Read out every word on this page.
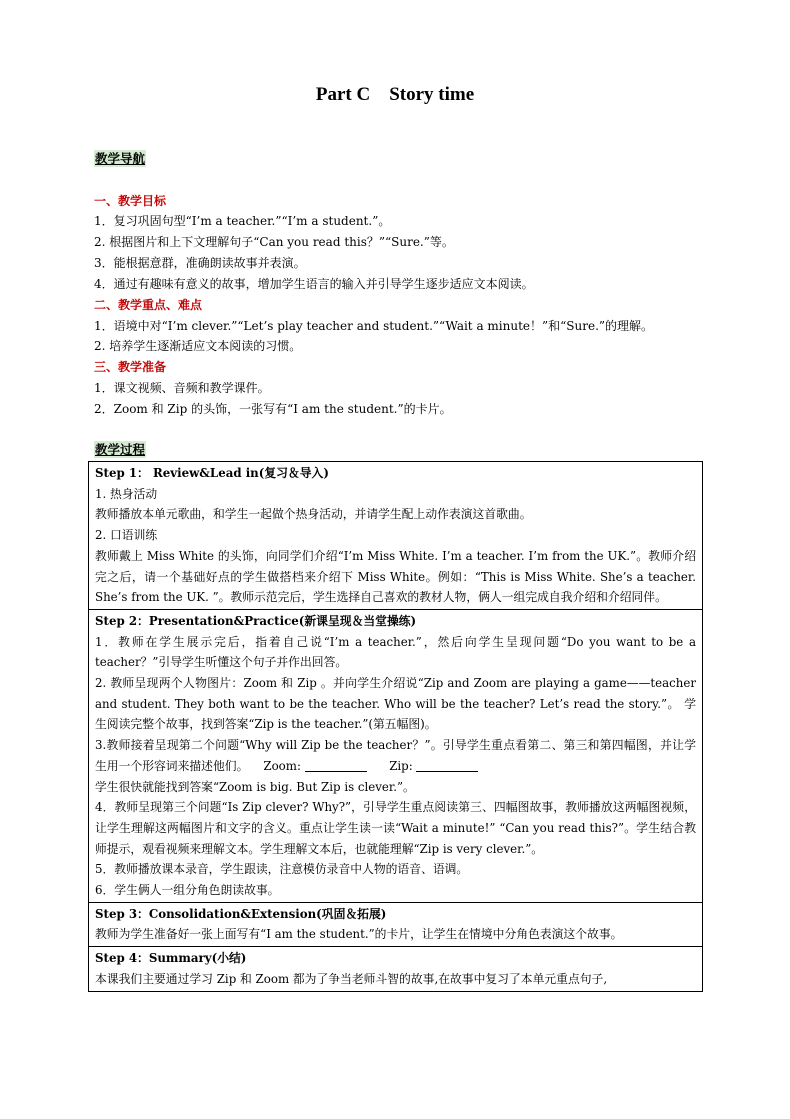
Part C    Story time
教学导航
一、教学目标
1．复习巩固句型“I’m a teacher.”“I’m a student.”。
2. 根据图片和上下文理解句子“Can you read this？”“Sure.”等。
3．能根据意群，准确朗读故事并表演。
4．通过有趣味有意义的故事，增加学生语言的输入并引导学生逐步适应文本阅读。
二、教学重点、难点
1．语境中对“I’m clever.”“Let’s play teacher and student.”“Wait a minute！”和“Sure.”的理解。
2. 培养学生逐渐适应文本阅读的习惯。
三、教学准备
1．课文视频、音频和教学课件。
2．Zoom 和 Zip 的头饰，一张写有“I am the student.”的卡片。
教学过程
Step 1： Review&Lead in(复习＆导入)

1. 热身活动

教师播放本单元歌曲，和学生一起做个热身活动，并请学生配上动作表演这首歌曲。

2. 口语训练

教师戴上 Miss White 的头饰，向同学们介绍“I’m Miss White. I’m a teacher. I’m from the UK.”。教师介绍完之后，请一个基础好点的学生做搭档来介绍下 Miss White。例如：“This is Miss White. She’s a teacher. She’s from the UK. ”。教师示范完后，学生选择自己喜欢的教材人物，俩人一组完成自我介绍和介绍同伴。

Step 2：Presentation&Practice(新课呈现＆当堂操练)

1．教师在学生展示完后，指着自己说“I’m a teacher.”，然后向学生呈现问题“Do you want to be a teacher？”引导学生听懂这个句子并作出回答。

2. 教师呈现两个人物图片：Zoom 和 Zip 。并向学生介绍说“Zip and Zoom are playing a game——teacher and student. They both want to be the teacher. Who will be the teacher? Let’s read the story.”。 学生阅读完整个故事，找到答案“Zip is the teacher.”(第五幅图)。

3.教师接着呈现第二个问题“Why will Zip be the teacher？”。引导学生重点看第二、第三和第四幅图，并让学生用一个形容词来描述他们。 Zoom:	Zip:

学生很快就能找到答案“Zoom is big. But Zip is clever.”。

4．教师呈现第三个问题“Is Zip clever? Why?”，引导学生重点阅读第三、四幅图故事，教师播放这两幅图视频，让学生理解这两幅图片和文字的含义。重点让学生读一读“Wait a minute!” “Can you read this?”。学生结合教师提示，观看视频来理解文本。学生理解文本后，也就能理解“Zip is very clever.”。

5．教师播放课本录音，学生跟读，注意模仿录音中人物的语音、语调。

6．学生俩人一组分角色朗读故事。

Step 3：Consolidation&Extension(巩固＆拓展)

教师为学生准备好一张上面写有“I am the student.”的卡片，让学生在情境中分角色表演这个故事。

Step 4：Summary(小结)

本课我们主要通过学习 Zip 和 Zoom 都为了争当老师斗智的故事,在故事中复习了本单元重点句子,
